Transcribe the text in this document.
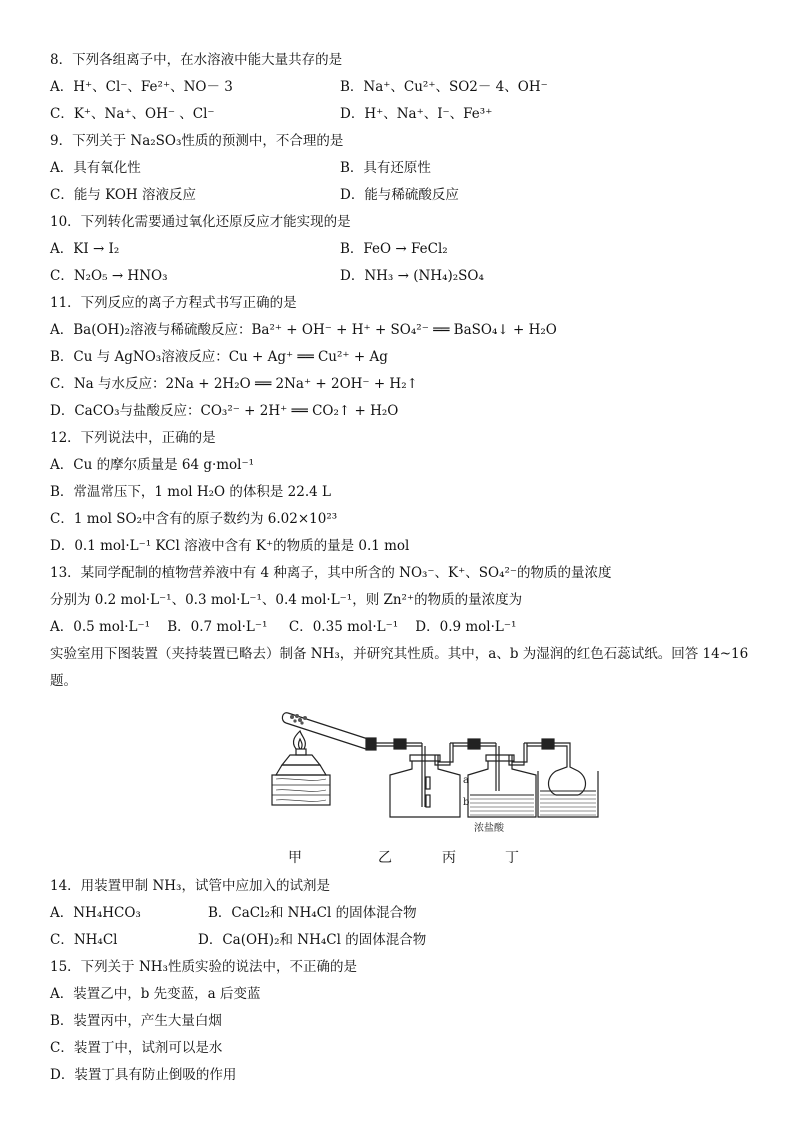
8．下列各组离子中，在水溶液中能大量共存的是
A．H⁺、Cl⁻、Fe²⁺、NO－ 3	B．Na⁺、Cu²⁺、SO2－ 4、OH⁻
C．K⁺、Na⁺、OH⁻ 、Cl⁻	D．H⁺、Na⁺、I⁻、Fe³⁺
9．下列关于 Na₂SO₃性质的预测中，不合理的是
A．具有氧化性	B．具有还原性
C．能与 KOH 溶液反应	D．能与稀硫酸反应
10．下列转化需要通过氧化还原反应才能实现的是
A．KI → I₂	B．FeO → FeCl₂
C．N₂O₅ → HNO₃	D．NH₃ → (NH₄)₂SO₄
11．下列反应的离子方程式书写正确的是
A．Ba(OH)₂溶液与稀硫酸反应：Ba²⁺ + OH⁻ + H⁺ + SO₄²⁻ ══ BaSO₄↓ + H₂O
B．Cu 与 AgNO₃溶液反应：Cu + Ag⁺ ══ Cu²⁺ + Ag
C．Na 与水反应：2Na + 2H₂O ══ 2Na⁺ + 2OH⁻ + H₂↑
D．CaCO₃与盐酸反应：CO₃²⁻ + 2H⁺ ══ CO₂↑ + H₂O
12．下列说法中，正确的是
A．Cu 的摩尔质量是 64 g·mol⁻¹
B．常温常压下，1 mol H₂O 的体积是 22.4 L
C．1 mol SO₂中含有的原子数约为 6.02×10²³
D．0.1 mol·L⁻¹ KCl 溶液中含有 K⁺的物质的量是 0.1 mol
13．某同学配制的植物营养液中有 4 种离子，其中所含的 NO₃⁻、K⁺、SO₄²⁻的物质的量浓度
分别为 0.2 mol·L⁻¹、0.3 mol·L⁻¹、0.4 mol·L⁻¹，则 Zn²⁺的物质的量浓度为
A．0.5 mol·L⁻¹    B．0.7 mol·L⁻¹     C．0.35 mol·L⁻¹    D．0.9 mol·L⁻¹
实验室用下图装置（夹持装置已略去）制备 NH₃，并研究其性质。其中，a、b 为湿润的红色石蕊试纸。回答 14~16
题。
a
b
浓盐酸
甲	乙	丙	丁
14．用装置甲制 NH₃，试管中应加入的试剂是
A．NH₄HCO₃	B．CaCl₂和 NH₄Cl 的固体混合物
C．NH₄Cl	D．Ca(OH)₂和 NH₄Cl 的固体混合物
15．下列关于 NH₃性质实验的说法中，不正确的是
A．装置乙中，b 先变蓝，a 后变蓝
B．装置丙中，产生大量白烟
C．装置丁中，试剂可以是水
D．装置丁具有防止倒吸的作用
